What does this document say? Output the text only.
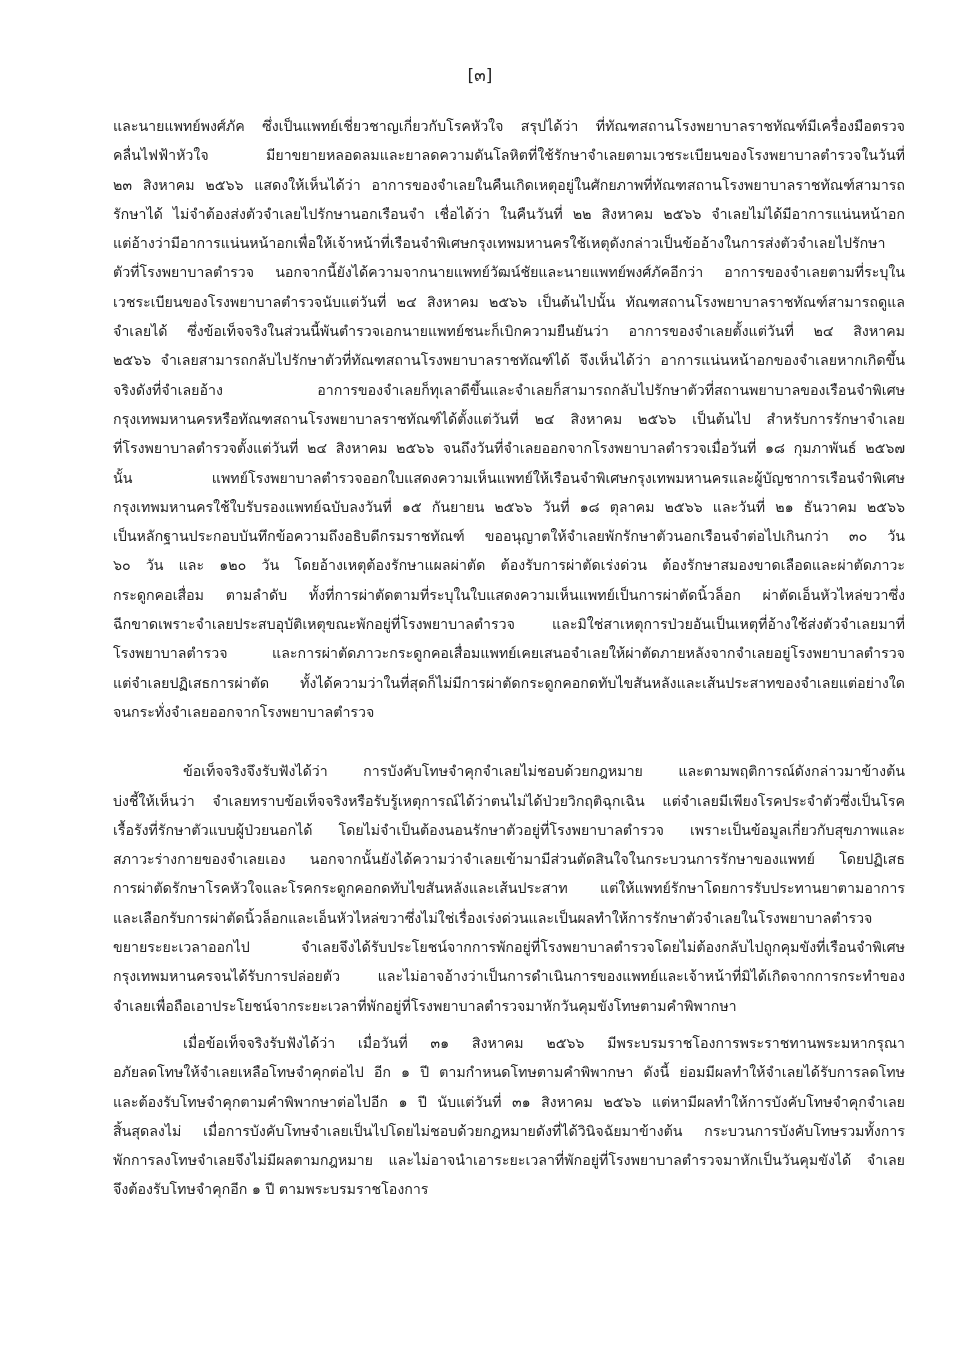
[๓]
และนายแพทย์พงศ์ภัค ซึ่งเป็นแพทย์เชี่ยวชาญเกี่ยวกับโรคหัวใจ สรุปได้ว่า ที่ทัณฑสถานโรงพยาบาลราชทัณฑ์มีเครื่องมือตรวจ
คลื่นไฟฟ้าหัวใจ มียาขยายหลอดลมและยาลดความดันโลหิตที่ใช้รักษาจำเลยตามเวชระเบียนของโรงพยาบาลตำรวจในวันที่
๒๓ สิงหาคม ๒๕๖๖ แสดงให้เห็นได้ว่า อาการของจำเลยในคืนเกิดเหตุอยู่ในศักยภาพที่ทัณฑสถานโรงพยาบาลราชทัณฑ์สามารถ
รักษาได้ ไม่จำต้องส่งตัวจำเลยไปรักษานอกเรือนจำ เชื่อได้ว่า ในคืนวันที่ ๒๒ สิงหาคม ๒๕๖๖ จำเลยไม่ได้มีอาการแน่นหน้าอก
แต่อ้างว่ามีอาการแน่นหน้าอกเพื่อให้เจ้าหน้าที่เรือนจำพิเศษกรุงเทพมหานครใช้เหตุดังกล่าวเป็นข้ออ้างในการส่งตัวจำเลยไปรักษา
ตัวที่โรงพยาบาลตำรวจ นอกจากนี้ยังได้ความจากนายแพทย์วัฒน์ชัยและนายแพทย์พงศ์ภัคอีกว่า อาการของจำเลยตามที่ระบุใน
เวชระเบียนของโรงพยาบาลตำรวจนับแต่วันที่ ๒๔ สิงหาคม ๒๕๖๖ เป็นต้นไปนั้น ทัณฑสถานโรงพยาบาลราชทัณฑ์สามารถดูแล
จำเลยได้ ซึ่งข้อเท็จจริงในส่วนนี้พันตำรวจเอกนายแพทย์ชนะก็เบิกความยืนยันว่า อาการของจำเลยตั้งแต่วันที่ ๒๔ สิงหาคม
๒๕๖๖ จำเลยสามารถกลับไปรักษาตัวที่ทัณฑสถานโรงพยาบาลราชทัณฑ์ได้ จึงเห็นได้ว่า อาการแน่นหน้าอกของจำเลยหากเกิดขึ้น
จริงดังที่จำเลยอ้าง อาการของจำเลยก็ทุเลาดีขึ้นและจำเลยก็สามารถกลับไปรักษาตัวที่สถานพยาบาลของเรือนจำพิเศษ
กรุงเทพมหานครหรือทัณฑสถานโรงพยาบาลราชทัณฑ์ได้ตั้งแต่วันที่ ๒๔ สิงหาคม ๒๕๖๖ เป็นต้นไป สำหรับการรักษาจำเลย
ที่โรงพยาบาลตำรวจตั้งแต่วันที่ ๒๔ สิงหาคม ๒๕๖๖ จนถึงวันที่จำเลยออกจากโรงพยาบาลตำรวจเมื่อวันที่ ๑๘ กุมภาพันธ์ ๒๕๖๗
นั้น แพทย์โรงพยาบาลตำรวจออกใบแสดงความเห็นแพทย์ให้เรือนจำพิเศษกรุงเทพมหานครและผู้บัญชาการเรือนจำพิเศษ
กรุงเทพมหานครใช้ใบรับรองแพทย์ฉบับลงวันที่ ๑๕ กันยายน ๒๕๖๖ วันที่ ๑๘ ตุลาคม ๒๕๖๖ และวันที่ ๒๑ ธันวาคม ๒๕๖๖
เป็นหลักฐานประกอบบันทึกข้อความถึงอธิบดีกรมราชทัณฑ์ ขออนุญาตให้จำเลยพักรักษาตัวนอกเรือนจำต่อไปเกินกว่า ๓๐ วัน
๖๐ วัน และ ๑๒๐ วัน โดยอ้างเหตุต้องรักษาแผลผ่าตัด ต้องรับการผ่าตัดเร่งด่วน ต้องรักษาสมองขาดเลือดและผ่าตัดภาวะ
กระดูกคอเสื่อม ตามลำดับ ทั้งที่การผ่าตัดตามที่ระบุในใบแสดงความเห็นแพทย์เป็นการผ่าตัดนิ้วล็อก ผ่าตัดเอ็นหัวไหล่ขวาซึ่ง
ฉีกขาดเพราะจำเลยประสบอุบัติเหตุขณะพักอยู่ที่โรงพยาบาลตำรวจ และมิใช่สาเหตุการป่วยอันเป็นเหตุที่อ้างใช้ส่งตัวจำเลยมาที่
โรงพยาบาลตำรวจ และการผ่าตัดภาวะกระดูกคอเสื่อมแพทย์เคยเสนอจำเลยให้ผ่าตัดภายหลังจากจำเลยอยู่โรงพยาบาลตำรวจ
แต่จำเลยปฏิเสธการผ่าตัด ทั้งได้ความว่าในที่สุดก็ไม่มีการผ่าตัดกระดูกคอกดทับไขสันหลังและเส้นประสาทของจำเลยแต่อย่างใด
จนกระทั่งจำเลยออกจากโรงพยาบาลตำรวจ
ข้อเท็จจริงจึงรับฟังได้ว่า การบังคับโทษจำคุกจำเลยไม่ชอบด้วยกฎหมาย และตามพฤติการณ์ดังกล่าวมาข้างต้น
บ่งชี้ให้เห็นว่า จำเลยทราบข้อเท็จจริงหรือรับรู้เหตุการณ์ได้ว่าตนไม่ได้ป่วยวิกฤติฉุกเฉิน แต่จำเลยมีเพียงโรคประจำตัวซึ่งเป็นโรค
เรื้อรังที่รักษาตัวแบบผู้ป่วยนอกได้ โดยไม่จำเป็นต้องนอนรักษาตัวอยู่ที่โรงพยาบาลตำรวจ เพราะเป็นข้อมูลเกี่ยวกับสุขภาพและ
สภาวะร่างกายของจำเลยเอง นอกจากนั้นยังได้ความว่าจำเลยเข้ามามีส่วนตัดสินใจในกระบวนการรักษาของแพทย์ โดยปฏิเสธ
การผ่าตัดรักษาโรคหัวใจและโรคกระดูกคอกดทับไขสันหลังและเส้นประสาท แต่ให้แพทย์รักษาโดยการรับประทานยาตามอาการ
และเลือกรับการผ่าตัดนิ้วล็อกและเอ็นหัวไหล่ขวาซึ่งไม่ใช่เรื่องเร่งด่วนและเป็นผลทำให้การรักษาตัวจำเลยในโรงพยาบาลตำรวจ
ขยายระยะเวลาออกไป จำเลยจึงได้รับประโยชน์จากการพักอยู่ที่โรงพยาบาลตำรวจโดยไม่ต้องกลับไปถูกคุมขังที่เรือนจำพิเศษ
กรุงเทพมหานครจนได้รับการปล่อยตัว และไม่อาจอ้างว่าเป็นการดำเนินการของแพทย์และเจ้าหน้าที่มิได้เกิดจากการกระทำของ
จำเลยเพื่อถือเอาประโยชน์จากระยะเวลาที่พักอยู่ที่โรงพยาบาลตำรวจมาหักวันคุมขังโทษตามคำพิพากษา
เมื่อข้อเท็จจริงรับฟังได้ว่า เมื่อวันที่ ๓๑ สิงหาคม ๒๕๖๖ มีพระบรมราชโองการพระราชทานพระมหากรุณา
อภัยลดโทษให้จำเลยเหลือโทษจำคุกต่อไป อีก ๑ ปี ตามกำหนดโทษตามคำพิพากษา ดังนี้ ย่อมมีผลทำให้จำเลยได้รับการลดโทษ
และต้องรับโทษจำคุกตามคำพิพากษาต่อไปอีก ๑ ปี นับแต่วันที่ ๓๑ สิงหาคม ๒๕๖๖ แต่หามีผลทำให้การบังคับโทษจำคุกจำเลย
สิ้นสุดลงไม่ เมื่อการบังคับโทษจำเลยเป็นไปโดยไม่ชอบด้วยกฎหมายดังที่ได้วินิจฉัยมาข้างต้น กระบวนการบังคับโทษรวมทั้งการ
พักการลงโทษจำเลยจึงไม่มีผลตามกฎหมาย และไม่อาจนำเอาระยะเวลาที่พักอยู่ที่โรงพยาบาลตำรวจมาหักเป็นวันคุมขังได้ จำเลย
จึงต้องรับโทษจำคุกอีก ๑ ปี ตามพระบรมราชโองการ
